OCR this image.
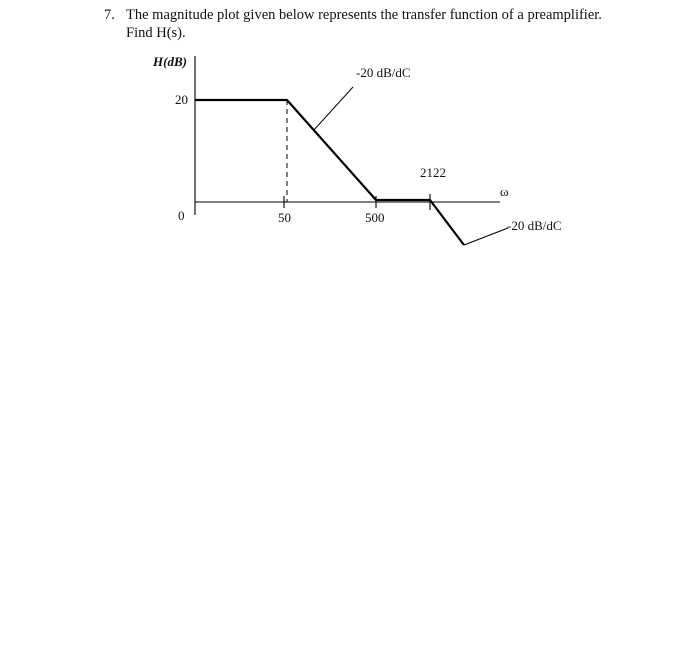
7. The magnitude plot given below represents the transfer function of a preamplifier.
Find H(s).
H(dB)
20
0	50	500
2122
ω
-20 dB/dC
-20 dB/dC
